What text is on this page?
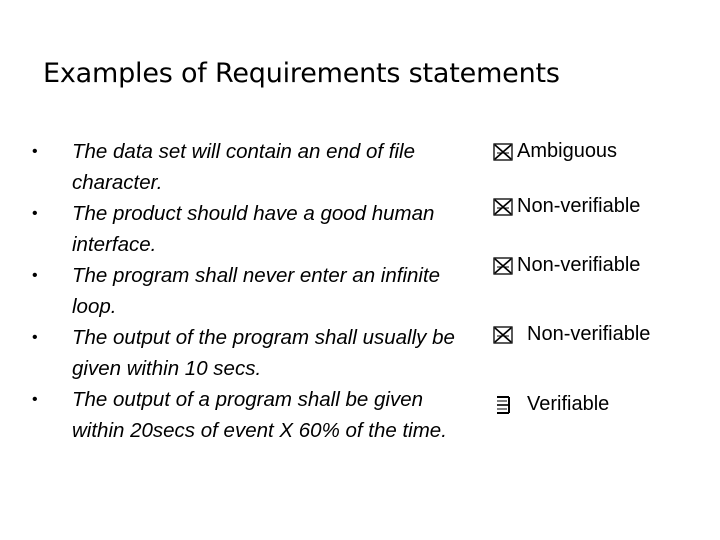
Examples of Requirements statements
• The data set will contain an end of file character.
• The product should have a good human interface.
• The program shall never enter an infinite loop.
• The output of the program shall usually be given within 10 secs.
• The output of a program shall be given within 20secs of event X 60% of the time.
Ambiguous
Non-verifiable
Non-verifiable
Non-verifiable
Verifiable
